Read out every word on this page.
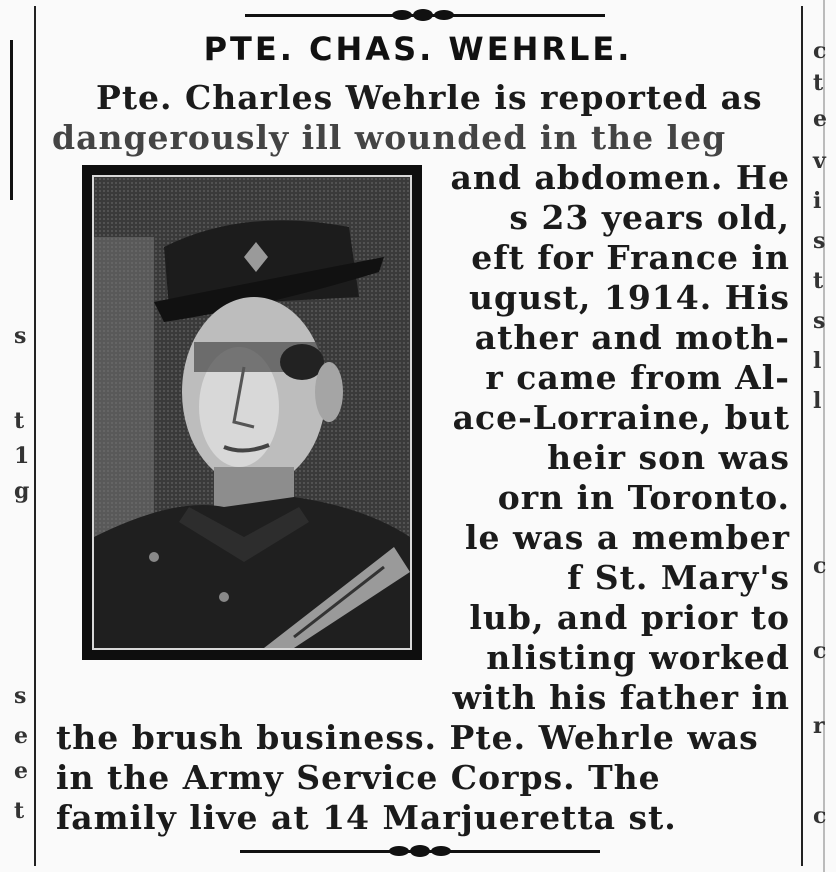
c
t
e
v
i
s
t
s
l
l
c
c
r
c
s
t
1
g
s
e
e
t
PTE. CHAS. WEHRLE.
Pte. Charles Wehrle is reported as
dangerously ill wounded in the leg
and abdomen. He
s 23 years old,
eft for France in
ugust, 1914. His
ather and moth-
r came from Al-
ace-Lorraine, but
heir son was
orn in Toronto.
le was a member
f St. Mary's
lub, and prior to
nlisting worked
with his father in
the brush business. Pte. Wehrle was
in the Army Service Corps. The
family live at 14 Marjueretta st.
